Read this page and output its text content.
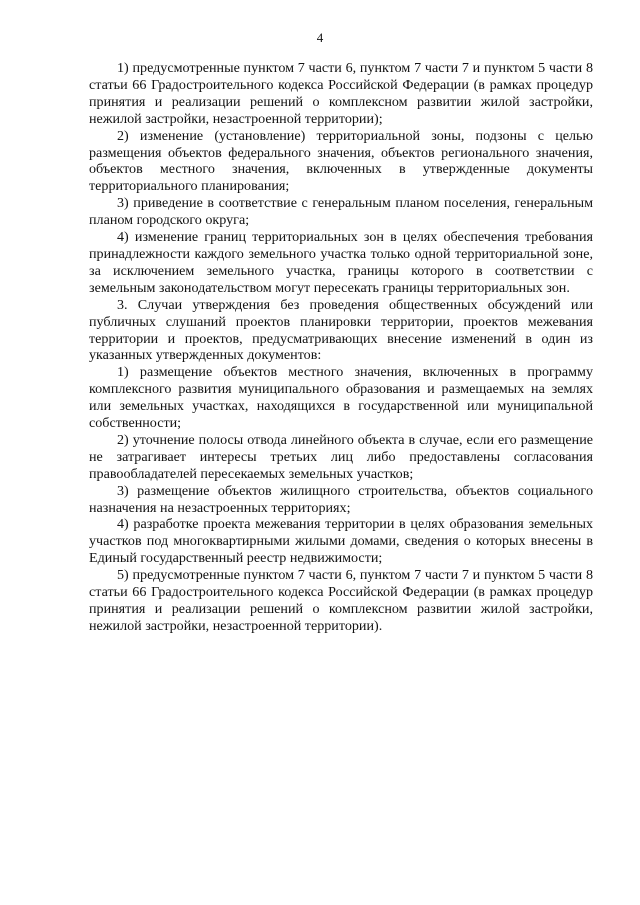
4

1) предусмотренные пунктом 7 части 6, пунктом 7 части 7 и пунктом 5 части 8 статьи 66 Градостроительного кодекса Российской Федерации (в рамках процедур принятия и реализации решений о комплексном развитии жилой застройки, нежилой застройки, незастроенной территории);

2) изменение (установление) территориальной зоны, подзоны с целью размещения объектов федерального значения, объектов регионального значения, объектов местного значения, включенных в утвержденные документы территориального планирования;

3) приведение в соответствие с генеральным планом поселения, генеральным планом городского округа;

4) изменение границ территориальных зон в целях обеспечения требования принадлежности каждого земельного участка только одной территориальной зоне, за исключением земельного участка, границы которого в соответствии с земельным законодательством могут пересекать границы территориальных зон.

3. Случаи утверждения без проведения общественных обсуждений или публичных слушаний проектов планировки территории, проектов межевания территории и проектов, предусматривающих внесение изменений в один из указанных утвержденных документов:

1) размещение объектов местного значения, включенных в программу комплексного развития муниципального образования и размещаемых на землях или земельных участках, находящихся в государственной или муниципальной собственности;

2) уточнение полосы отвода линейного объекта в случае, если его размещение не затрагивает интересы третьих лиц либо предоставлены согласования правообладателей пересекаемых земельных участков;

3) размещение объектов жилищного строительства, объектов социального назначения на незастроенных территориях;

4) разработке проекта межевания территории в целях образования земельных участков под многоквартирными жилыми домами, сведения о которых внесены в Единый государственный реестр недвижимости;

5) предусмотренные пунктом 7 части 6, пунктом 7 части 7 и пунктом 5 части 8 статьи 66 Градостроительного кодекса Российской Федерации (в рамках процедур принятия и реализации решений о комплексном развитии жилой застройки, нежилой застройки, незастроенной территории).
